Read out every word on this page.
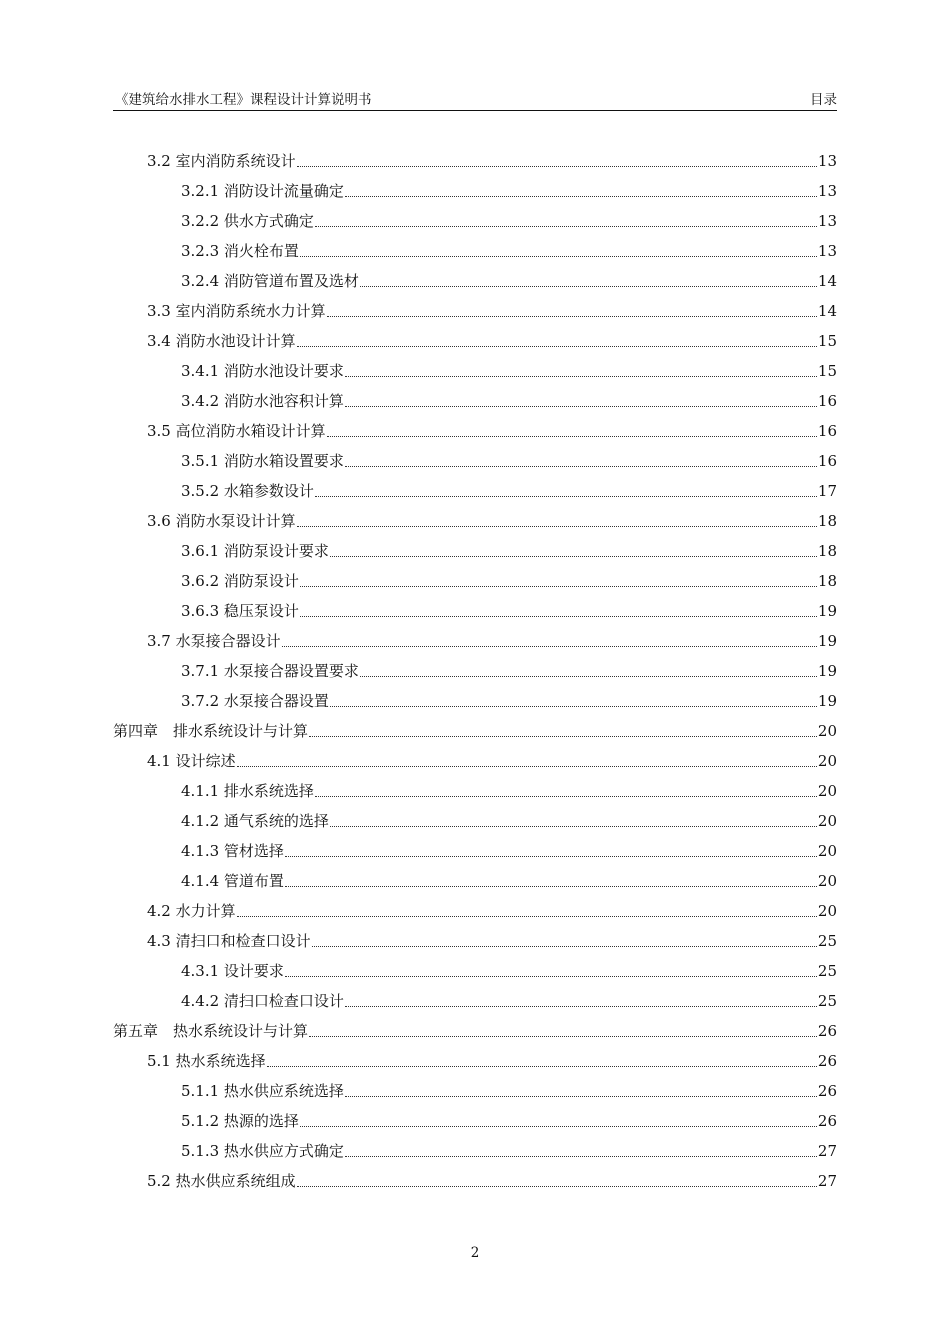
《建筑给水排水工程》课程设计计算说明书	目录
3.2 室内消防系统设计	13
3.2.1 消防设计流量确定	13
3.2.2 供水方式确定	13
3.2.3 消火栓布置	13
3.2.4 消防管道布置及选材	14
3.3 室内消防系统水力计算	14
3.4 消防水池设计计算	15
3.4.1 消防水池设计要求	15
3.4.2 消防水池容积计算	16
3.5 高位消防水箱设计计算	16
3.5.1 消防水箱设置要求	16
3.5.2 水箱参数设计	17
3.6 消防水泵设计计算	18
3.6.1 消防泵设计要求	18
3.6.2 消防泵设计	18
3.6.3 稳压泵设计	19
3.7 水泵接合器设计	19
3.7.1 水泵接合器设置要求	19
3.7.2 水泵接合器设置	19
第四章　排水系统设计与计算	20
4.1 设计综述	20
4.1.1 排水系统选择	20
4.1.2 通气系统的选择	20
4.1.3 管材选择	20
4.1.4 管道布置	20
4.2 水力计算	20
4.3 清扫口和检查口设计	25
4.3.1 设计要求	25
4.4.2 清扫口检查口设计	25
第五章　热水系统设计与计算	26
5.1 热水系统选择	26
5.1.1 热水供应系统选择	26
5.1.2 热源的选择	26
5.1.3 热水供应方式确定	27
5.2 热水供应系统组成	27
2
